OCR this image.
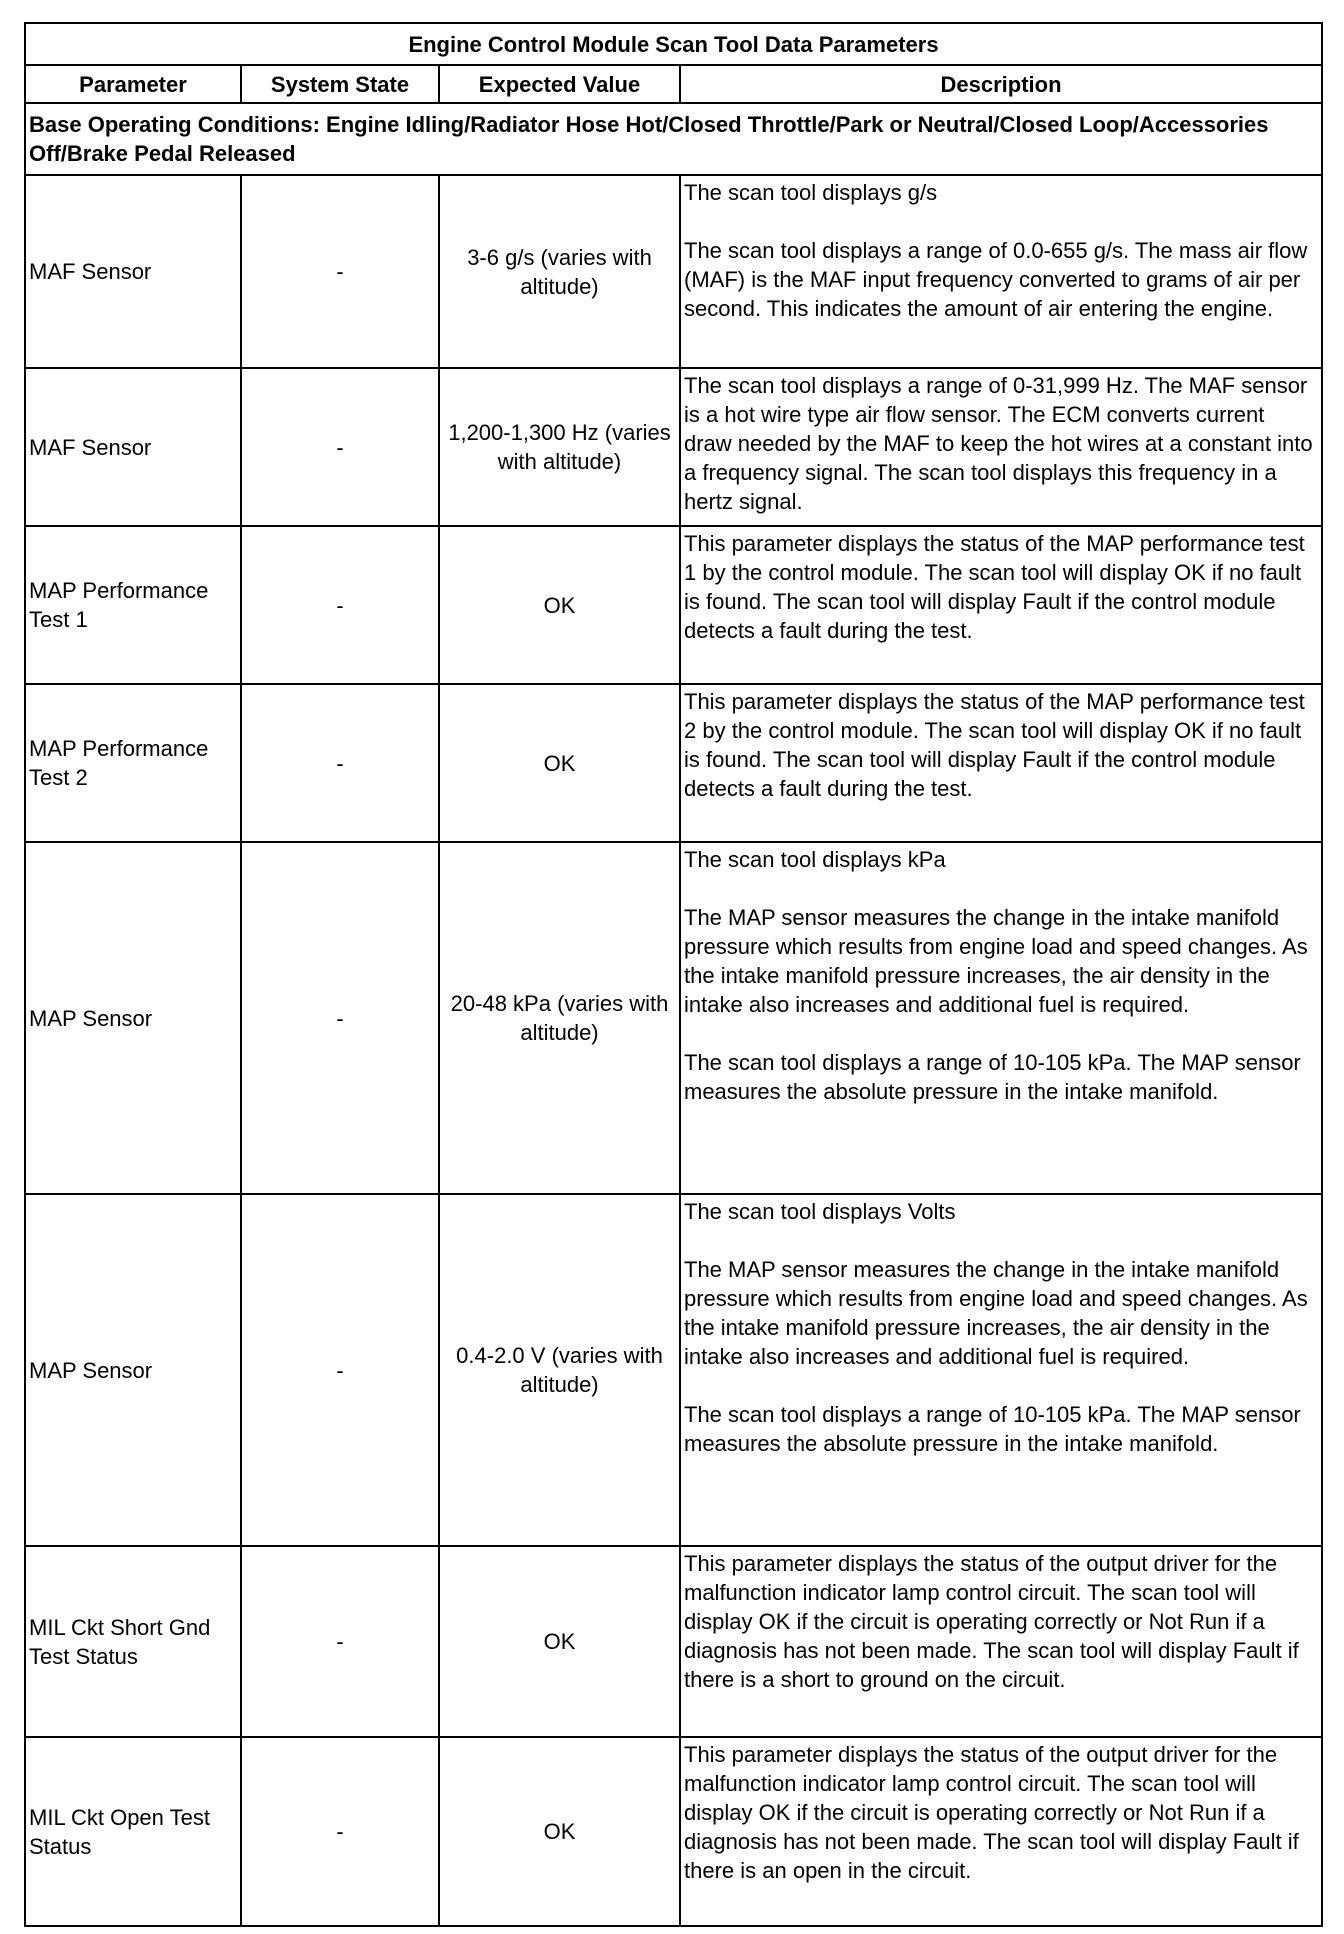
Engine Control Module Scan Tool Data Parameters			
Parameter	System State	Expected Value	Description
Base Operating Conditions: Engine Idling/Radiator Hose Hot/Closed Throttle/Park or Neutral/Closed Loop/Accessories Off/Brake Pedal Released			
MAF Sensor	-	3-6 g/s (varies with altitude)	The scan tool displays g/s

The scan tool displays a range of 0.0-655 g/s. The mass air flow (MAF) is the MAF input frequency converted to grams of air per second. This indicates the amount of air entering the engine.

MAF Sensor	-	1,200-1,300 Hz (varies with altitude)	The scan tool displays a range of 0-31,999 Hz. The MAF sensor is a hot wire type air flow sensor. The ECM converts current draw needed by the MAF to keep the hot wires at a constant into a frequency signal. The scan tool displays this frequency in a hertz signal.

MAP Performance Test 1	-	OK	This parameter displays the status of the MAP performance test 1 by the control module. The scan tool will display OK if no fault is found. The scan tool will display Fault if the control module detects a fault during the test.

MAP Performance Test 2	-	OK	This parameter displays the status of the MAP performance test 2 by the control module. The scan tool will display OK if no fault is found. The scan tool will display Fault if the control module detects a fault during the test.

MAP Sensor	-	20-48 kPa (varies with altitude)	The scan tool displays kPa

The MAP sensor measures the change in the intake manifold pressure which results from engine load and speed changes. As the intake manifold pressure increases, the air density in the intake also increases and additional fuel is required.

The scan tool displays a range of 10-105 kPa. The MAP sensor measures the absolute pressure in the intake manifold.

MAP Sensor	-	0.4-2.0 V (varies with altitude)	The scan tool displays Volts

The MAP sensor measures the change in the intake manifold pressure which results from engine load and speed changes. As the intake manifold pressure increases, the air density in the intake also increases and additional fuel is required.

The scan tool displays a range of 10-105 kPa. The MAP sensor measures the absolute pressure in the intake manifold.

MIL Ckt Short Gnd Test Status	-	OK	This parameter displays the status of the output driver for the malfunction indicator lamp control circuit. The scan tool will display OK if the circuit is operating correctly or Not Run if a diagnosis has not been made. The scan tool will display Fault if there is a short to ground on the circuit.

MIL Ckt Open Test Status	-	OK	This parameter displays the status of the output driver for the malfunction indicator lamp control circuit. The scan tool will display OK if the circuit is operating correctly or Not Run if a diagnosis has not been made. The scan tool will display Fault if there is an open in the circuit.
